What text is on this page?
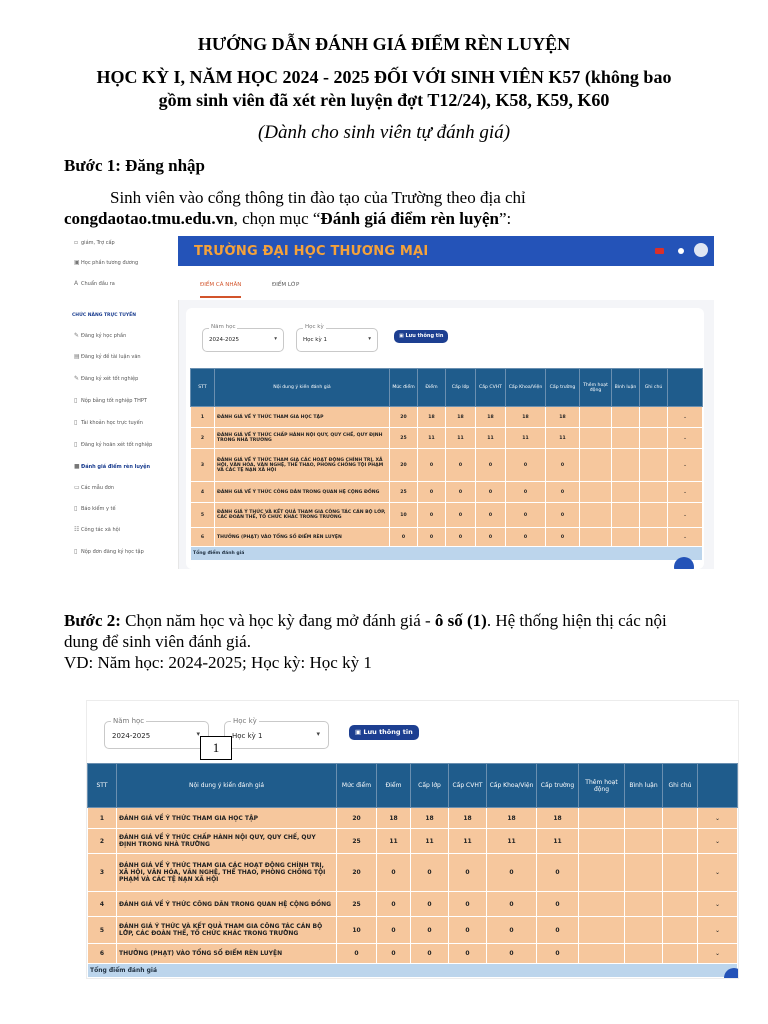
HƯỚNG DẪN ĐÁNH GIÁ ĐIỂM RÈN LUYỆN
HỌC KỲ I, NĂM HỌC 2024 - 2025 ĐỐI VỚI SINH VIÊN K57 (không bao
gồm sinh viên đã xét rèn luyện đợt T12/24), K58, K59, K60
(Dành cho sinh viên tự đánh giá)
Bước 1: Đăng nhập
Sinh viên vào cổng thông tin đào tạo của Trường theo địa chỉ
congdaotao.tmu.edu.vn, chọn mục “Đánh giá điểm rèn luyện”:
▫ giám, Trợ cấp
▣Học phần tương đương
A Chuẩn đầu ra
CHỨC NĂNG TRỰC TUYẾN
✎ Đăng ký học phần
▤Đăng ký đề tài luận văn
✎ Đăng ký xét tốt nghiệp
▯ Nộp bằng tốt nghiệp THPT
▯ Tài khoản học trực tuyến
▯ Đăng ký hoãn xét tốt nghiệp
■Đánh giá điểm rèn luyện
▭Các mẫu đơn
▯ Báo kiểm y tế
☷ Công tác xã hội
▯ Nộp đơn đăng ký học tập
TRƯỜNG ĐẠI HỌC THƯƠNG MẠI
ĐIỂM CÁ NHÂN	ĐIỂM LỚP
Năm học
2024-2025	▾
Học kỳ
Học kỳ 1	▾	▣ Lưu thông tin
STT	Nội dung ý kiến đánh giá	Mức điểm	Điểm	Cấp lớp	Cấp CVHT	Cấp Khoa/Viện	Cấp trường	Thêm hoạt động	Bình luận	Ghi chú	
1	ĐÁNH GIÁ VỀ Ý THỨC THAM GIA HỌC TẬP	20	18	18	18	18	18				⌄
2	ĐÁNH GIÁ VỀ Ý THỨC CHẤP HÀNH NỘI QUY, QUY CHẾ, QUY ĐỊNH TRONG NHÀ TRƯỜNG	25	11	11	11	11	11				⌄
3	ĐÁNH GIÁ VỀ Ý THỨC THAM GIA CÁC HOẠT ĐỘNG CHÍNH TRỊ, XÃ HỘI, VĂN HÓA, VĂN NGHỆ, THỂ THAO, PHÒNG CHỐNG TỘI PHẠM VÀ CÁC TỆ NẠN XÃ HỘI	20	0	0	0	0	0				⌄
4	ĐÁNH GIÁ VỀ Ý THỨC CÔNG DÂN TRONG QUAN HỆ CỘNG ĐỒNG	25	0	0	0	0	0				⌄
5	ĐÁNH GIÁ Ý THỨC VÀ KẾT QUẢ THAM GIA CÔNG TÁC CÁN BỘ LỚP, CÁC ĐOÀN THỂ, TỔ CHỨC KHÁC TRONG TRƯỜNG	10	0	0	0	0	0				⌄
6	THƯỞNG (PHẠT) VÀO TỔNG SỐ ĐIỂM RÈN LUYỆN	0	0	0	0	0	0				⌄
Tổng điểm đánh giá											
Bước 2: Chọn năm học và học kỳ đang mở đánh giá - ô số (1). Hệ thống hiện thị các nội
dung để sinh viên đánh giá.
VD: Năm học: 2024-2025; Học kỳ: Học kỳ 1
Năm học
2024-2025	▾
Học kỳ
Học kỳ 1	▾	▣ Lưu thông tin
STT	Nội dung ý kiến đánh giá	Mức điểm	Điểm	Cấp lớp	Cấp CVHT	Cấp Khoa/Viện	Cấp trường	Thêm hoạt động	Bình luận	Ghi chú	
1	ĐÁNH GIÁ VỀ Ý THỨC THAM GIA HỌC TẬP	20	18	18	18	18	18				⌄
2	ĐÁNH GIÁ VỀ Ý THỨC CHẤP HÀNH NỘI QUY, QUY CHẾ, QUY ĐỊNH TRONG NHÀ TRƯỜNG	25	11	11	11	11	11				⌄
3	ĐÁNH GIÁ VỀ Ý THỨC THAM GIA CÁC HOẠT ĐỘNG CHÍNH TRỊ, XÃ HỘI, VĂN HÓA, VĂN NGHỆ, THỂ THAO, PHÒNG CHỐNG TỘI PHẠM VÀ CÁC TỆ NẠN XÃ HỘI	20	0	0	0	0	0				⌄
4	ĐÁNH GIÁ VỀ Ý THỨC CÔNG DÂN TRONG QUAN HỆ CỘNG ĐỒNG	25	0	0	0	0	0				⌄
5	ĐÁNH GIÁ Ý THỨC VÀ KẾT QUẢ THAM GIA CÔNG TÁC CÁN BỘ LỚP, CÁC ĐOÀN THỂ, TỔ CHỨC KHÁC TRONG TRƯỜNG	10	0	0	0	0	0				⌄
6	THƯỞNG (PHẠT) VÀO TỔNG SỐ ĐIỂM RÈN LUYỆN	0	0	0	0	0	0				⌄
Tổng điểm đánh giá											
1
